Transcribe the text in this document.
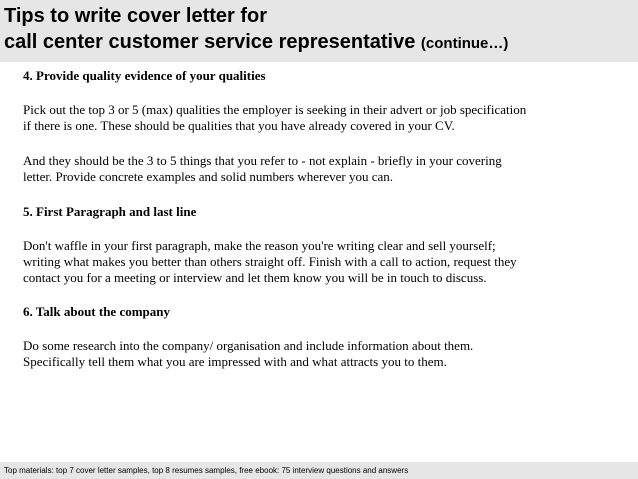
Tips to write cover letter for
call center customer service representative (continue…)

4. Provide quality evidence of your qualities

Pick out the top 3 or 5 (max) qualities the employer is seeking in their advert or job specification
if there is one. These should be qualities that you have already covered in your CV.

And they should be the 3 to 5 things that you refer to - not explain - briefly in your covering
letter. Provide concrete examples and solid numbers wherever you can.

5. First Paragraph and last line

Don't waffle in your first paragraph, make the reason you're writing clear and sell yourself;
writing what makes you better than others straight off. Finish with a call to action, request they
contact you for a meeting or interview and let them know you will be in touch to discuss.

6. Talk about the company

Do some research into the company/ organisation and include information about them.
Specifically tell them what you are impressed with and what attracts you to them.

Top materials: top 7 cover letter samples, top 8 resumes samples, free ebook: 75 interview questions and answers
